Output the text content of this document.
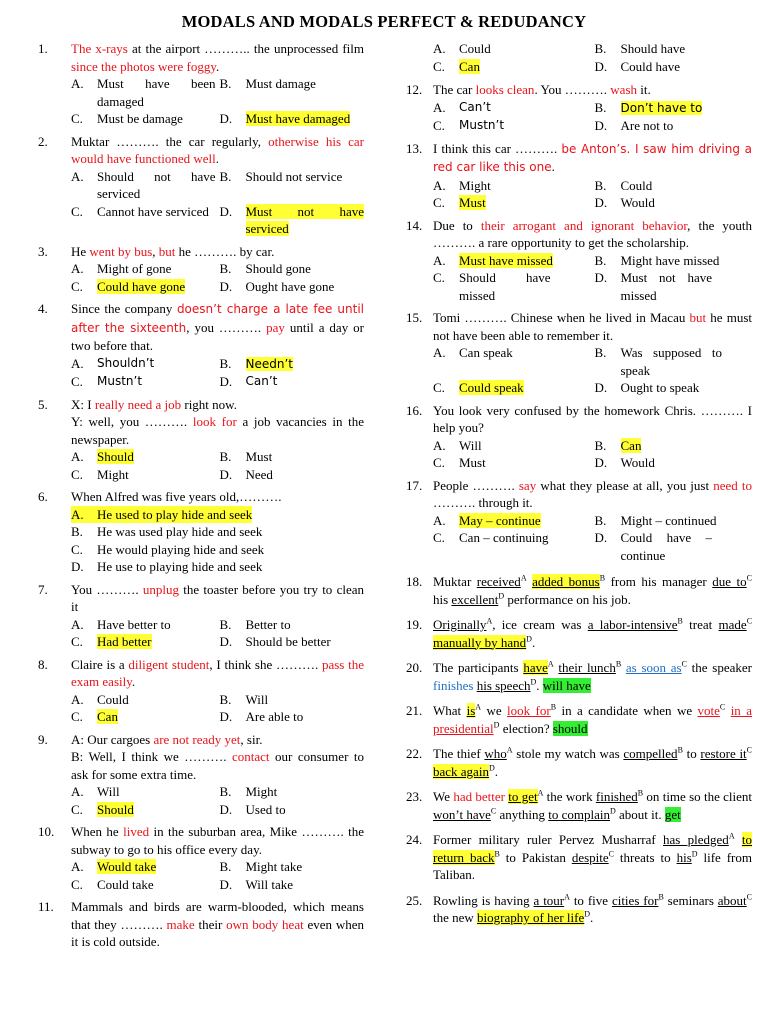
MODALS AND MODALS PERFECT & REDUDANCY
1.	The x-rays at the airport ……….. the unprocessed film since the photos were foggy.
A.	Must have been damaged
B.	Must damage
C.	Must be damage	D.	Must have damaged
2.	Muktar ………. the car regularly, otherwise his car would have functioned well.
A.	Should not have serviced
B.	Should not service
C.	Cannot have serviced D.	Must not have serviced
3.	He went by bus, but he ………. by car.
A.	Might of gone	B.	Should gone
C.	Could have gone	D.	Ought have gone
4.	Since the company doesn’t charge a late fee until after the sixteenth, you ………. pay until a day or two before that.
A.	Shouldn’t	B.	Needn’t
C.	Mustn’t	D.	Can’t
5.	X: I really need a job right now.
Y: well, you ………. look for a job vacancies in the newspaper.
A.	Should	B.	Must
C.	Might	D.	Need
6.	When Alfred was five years old,……….
A.	He used to play hide and seek
B.	He was used play hide and seek
C.	He would playing hide and seek
D.	He use to playing hide and seek
7.	You ………. unplug the toaster before you try to clean it
A.	Have better to	B.	Better to
C.	Had better	D.	Should be better
8.	Claire is a diligent student, I think she ………. pass the exam easily.
A.	Could	B.	Will
C.	Can	D.	Are able to
9.	A: Our cargoes are not ready yet, sir.
B: Well, I think we ………. contact our consumer to ask for some extra time.
A.	Will	B.	Might
C.	Should	D.	Used to
10.	When he lived in the suburban area, Mike ………. the subway to go to his office every day.
A.	Would take	B.	Might take
C.	Could take	D.	Will take
11.	Mammals and birds are warm-blooded, which means that they ………. make their own body heat even when it is cold outside.
A.	Could	B.	Should have
C.	Can	D.	Could have
12. The car looks clean. You ………. wash it.
A.	Can’t	B.	Don’t have to
C.	Mustn’t	D.	Are not to
13. I think this car ………. be Anton’s. I saw him driving a red car like this one.
A.	Might	B.	Could
C.	Must	D.	Would
14. Due to their arrogant and ignorant behavior, the youth ………. a rare opportunity to get the scholarship.
A.	Must have missed	B.	Might have missed
C.	Should have missed
D.	Must not have missed
15. Tomi ………. Chinese when he lived in Macau but he must not have been able to remember it.
A.	Can speak	B.	Was supposed to speak
C.	Could speak	D.	Ought to speak
16. You look very confused by the homework Chris. ………. I help you?
A.	Will	B.	Can
C.	Must	D.	Would
17. People ………. say what they please at all, you just need to ………. through it.
A.	May – continue	B.	Might – continued
C.	Can – continuing	D.	Could have – continue
18. Muktar received$^A$ added bonus$^B$ from his manager due $to^C$ his excellent$^D$ performance on his job.
19. Originally$^A$, ice cream was a labor-intensive$^B$ treat made$^C$ manually by hand$^D$.
20. The participants have$^A$ their lunch$^B$ as soon $as^C$ the speaker finishes his speech$^D$. will have
21. What $is^A$ we look for$^B$ in a candidate when we vote$^C$ in a presidential$^D$ election? should
22. The thief who$^A$ stole my watch was compelled$^B$ to restore $it^C$ back again$^D$.
23. We had better to get$^A$ the work finished$^B$ on time so the client won’t have$^C$ anything to complain$^D$ about it. get
24. Former military ruler Pervez Musharraf has pledged$^A$ to return back$^B$ to Pakistan despite$^C$ threats to his$^D$ life from Taliban.
25. Rowling is having a tour$^A$ to five cities for$^B$ seminars about$^C$ the new biography of her life$^D$.
